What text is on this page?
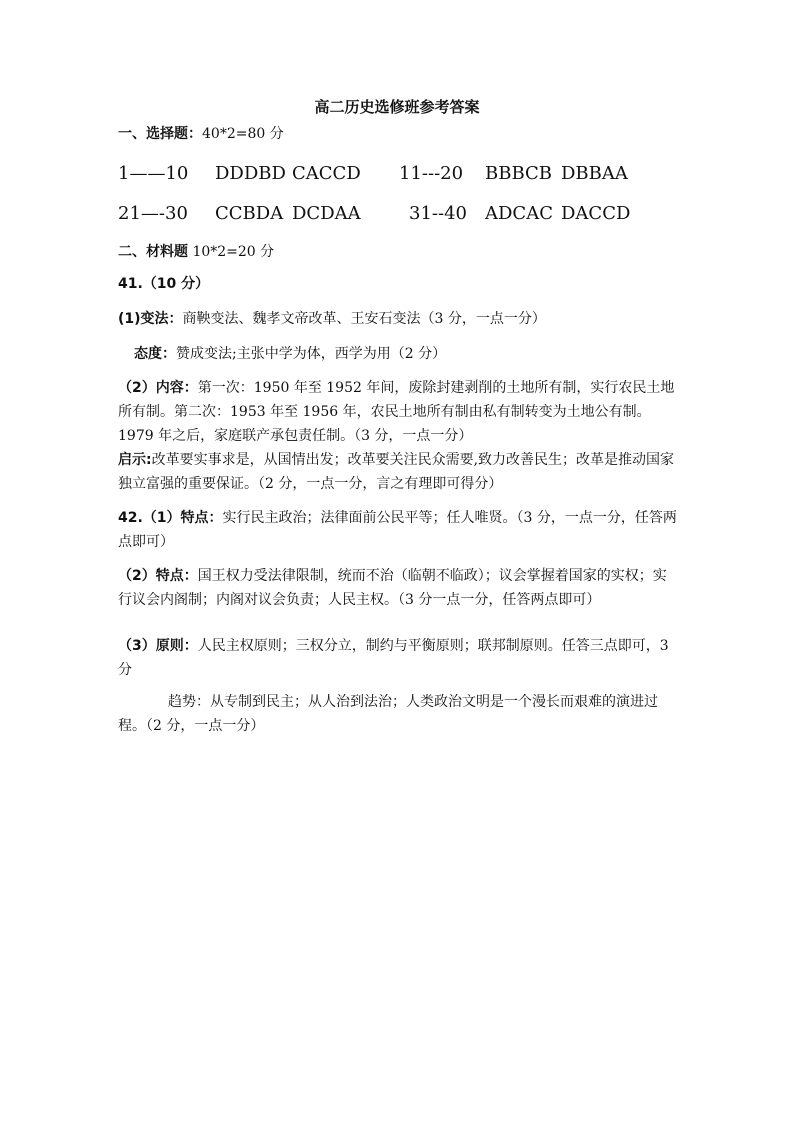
高二历史选修班参考答案
一、选择题：40*2=80 分
1——10 DDDBD CACCD 11---20 BBBCB DBBAA
21—-30 CCBDA DCDAA	31--40 ADCAC DACCD
二、材料题 10*2=20 分
41.（10 分）
(1)变法：商鞅变法、魏孝文帝改革、王安石变法（3 分，一点一分）
态度：赞成变法;主张中学为体，西学为用（2 分）
（2）内容：第一次：1950 年至 1952 年间，废除封建剥削的土地所有制，实行农民土地所有制。第二次：1953 年至 1956 年，农民土地所有制由私有制转变为土地公有制。1979 年之后，家庭联产承包责任制。（3 分，一点一分）
启示:改革要实事求是，从国情出发；改革要关注民众需要,致力改善民生；改革是推动国家独立富强的重要保证。（2 分，一点一分，言之有理即可得分）
42.（1）特点：实行民主政治；法律面前公民平等；任人唯贤。（3 分，一点一分，任答两点即可）
（2）特点：国王权力受法律限制，统而不治（临朝不临政）；议会掌握着国家的实权；实行议会内阁制；内阁对议会负责；人民主权。（3 分一点一分，任答两点即可）
（3）原则：人民主权原则；三权分立，制约与平衡原则；联邦制原则。任答三点即可，3 分
趋势：从专制到民主；从人治到法治；人类政治文明是一个漫长而艰难的演进过程。（2 分，一点一分）
